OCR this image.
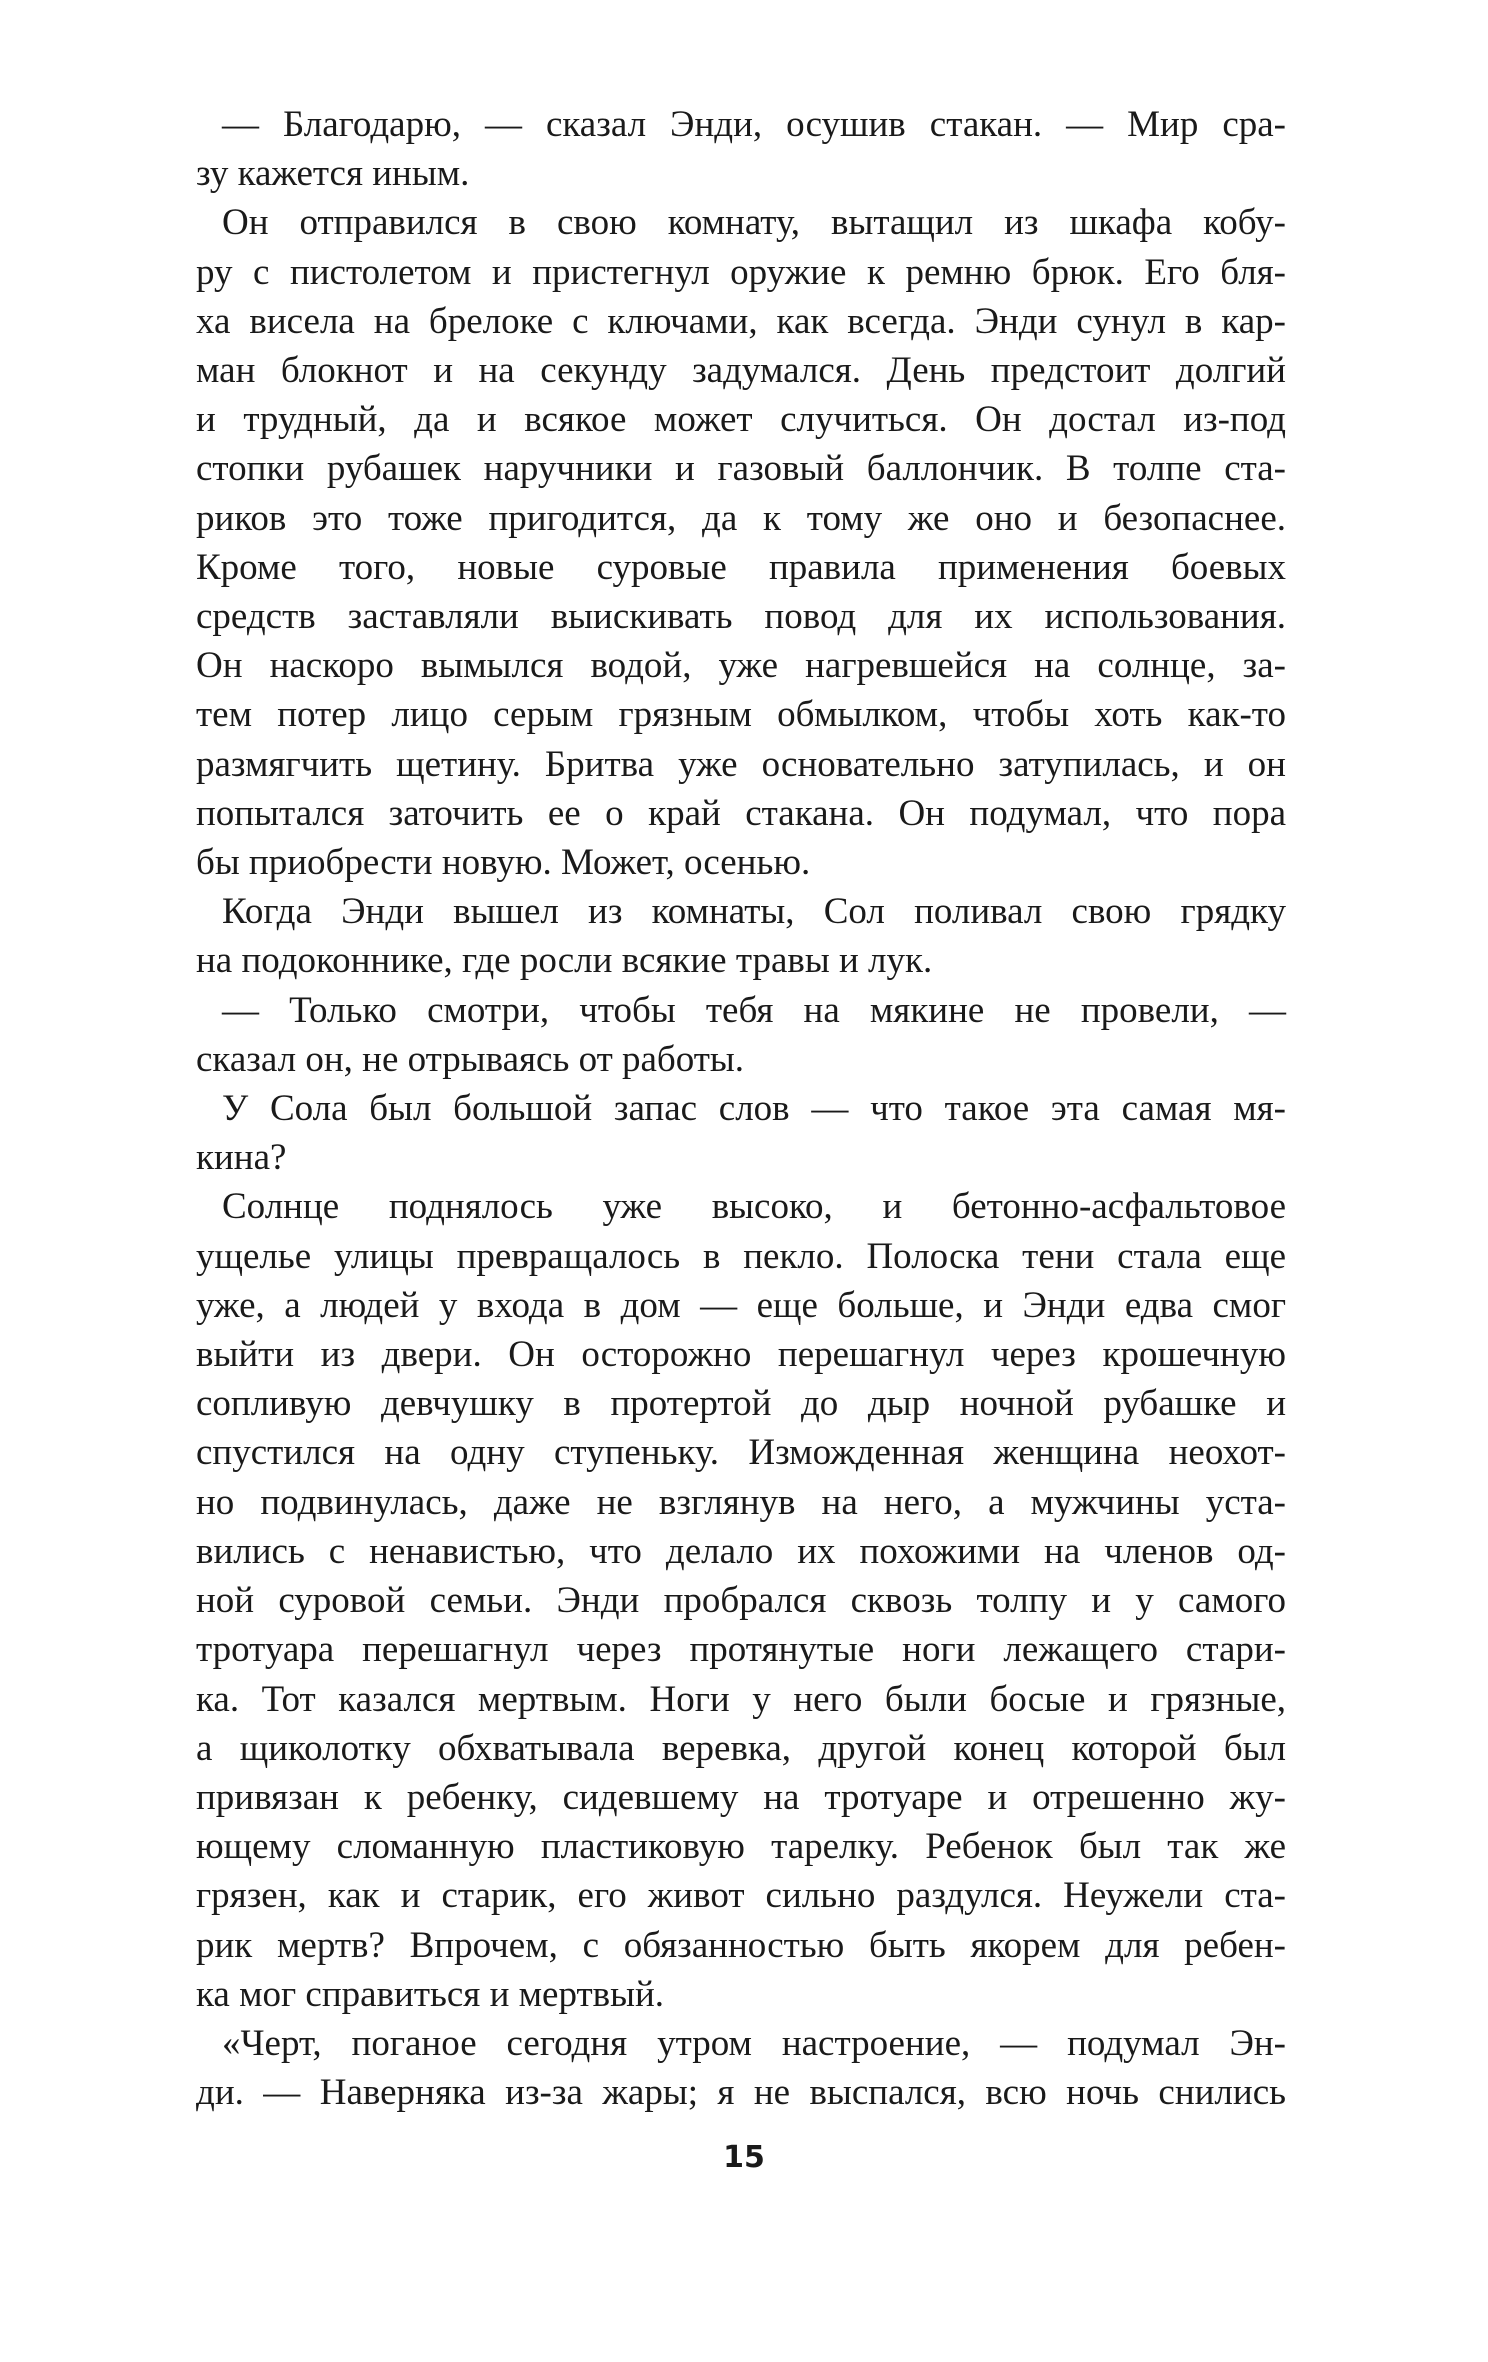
— Благодарю, — сказал Энди, осушив стакан. — Мир сра-
зу кажется иным.
Он отправился в свою комнату, вытащил из шкафа кобу-
ру с пистолетом и пристегнул оружие к ремню брюк. Его бля-
ха висела на брелоке с ключами, как всегда. Энди сунул в кар-
ман блокнот и на секунду задумался. День предстоит долгий
и трудный, да и всякое может случиться. Он достал из-под
стопки рубашек наручники и газовый баллончик. В толпе ста-
риков это тоже пригодится, да к тому же оно и безопаснее.
Кроме того, новые суровые правила применения боевых
средств заставляли выискивать повод для их использования.
Он наскоро вымылся водой, уже нагревшейся на солнце, за-
тем потер лицо серым грязным обмылком, чтобы хоть как-то
размягчить щетину. Бритва уже основательно затупилась, и он
попытался заточить ее о край стакана. Он подумал, что пора
бы приобрести новую. Может, осенью.
Когда Энди вышел из комнаты, Сол поливал свою грядку
на подоконнике, где росли всякие травы и лук.
— Только смотри, чтобы тебя на мякине не провели, —
сказал он, не отрываясь от работы.
У Сола был большой запас слов — что такое эта самая мя-
кина?
Солнце поднялось уже высоко, и бетонно-асфальтовое
ущелье улицы превращалось в пекло. Полоска тени стала еще
уже, а людей у входа в дом — еще больше, и Энди едва смог
выйти из двери. Он осторожно перешагнул через крошечную
сопливую девчушку в протертой до дыр ночной рубашке и
спустился на одну ступеньку. Изможденная женщина неохот-
но подвинулась, даже не взглянув на него, а мужчины уста-
вились с ненавистью, что делало их похожими на членов од-
ной суровой семьи. Энди пробрался сквозь толпу и у самого
тротуара перешагнул через протянутые ноги лежащего стари-
ка. Тот казался мертвым. Ноги у него были босые и грязные,
а щиколотку обхватывала веревка, другой конец которой был
привязан к ребенку, сидевшему на тротуаре и отрешенно жу-
ющему сломанную пластиковую тарелку. Ребенок был так же
грязен, как и старик, его живот сильно раздулся. Неужели ста-
рик мертв? Впрочем, с обязанностью быть якорем для ребен-
ка мог справиться и мертвый.
«Черт, поганое сегодня утром настроение, — подумал Эн-
ди. — Наверняка из-за жары; я не выспался, всю ночь снились
15
